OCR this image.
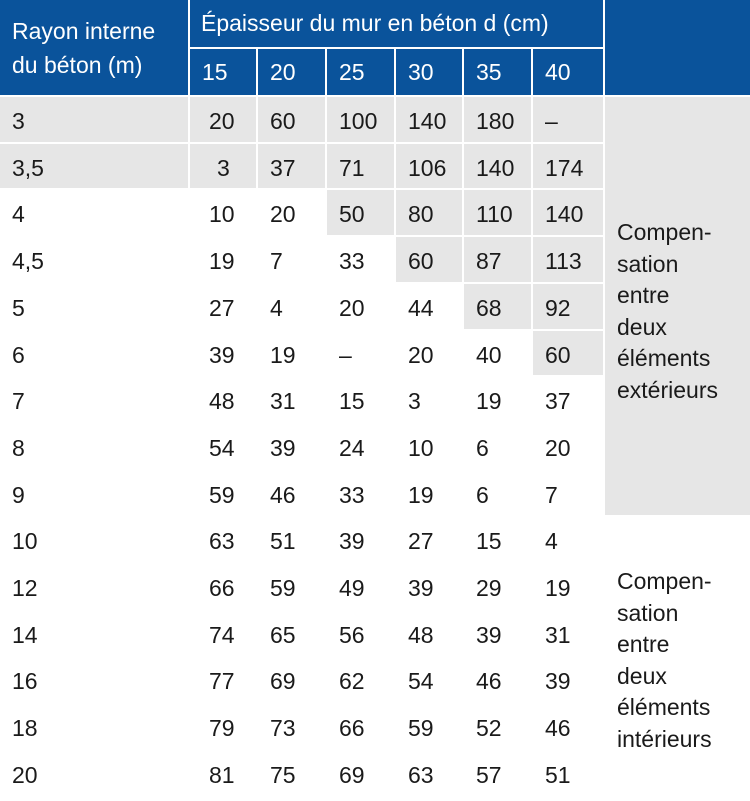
Rayon interne
du béton (m)
Épaisseur du mur en béton d (cm)
15 20 25 30 35 40
3	20 60 100 140 180 –
3,5	3 37 71 106 140 174
4	10 20 50 80 110 140
4,5	19 7 33 60 87 113
5	27 4 20 44 68 92
6	39 19 – 20 40 60
7	48 31 15 3 19 37
8	54 39 24 10 6 20
9	59 46 33 19 6 7
10	63 51 39 27 15 4
12	66 59 49 39 29 19
14	74 65 56 48 39 31
16	77 69 62 54 46 39
18	79 73 66 59 52 46
20	81 75 69 63 57 51
Compen-
sation
entre
deux
éléments
extérieurs
Compen-
sation
entre
deux
éléments
intérieurs
